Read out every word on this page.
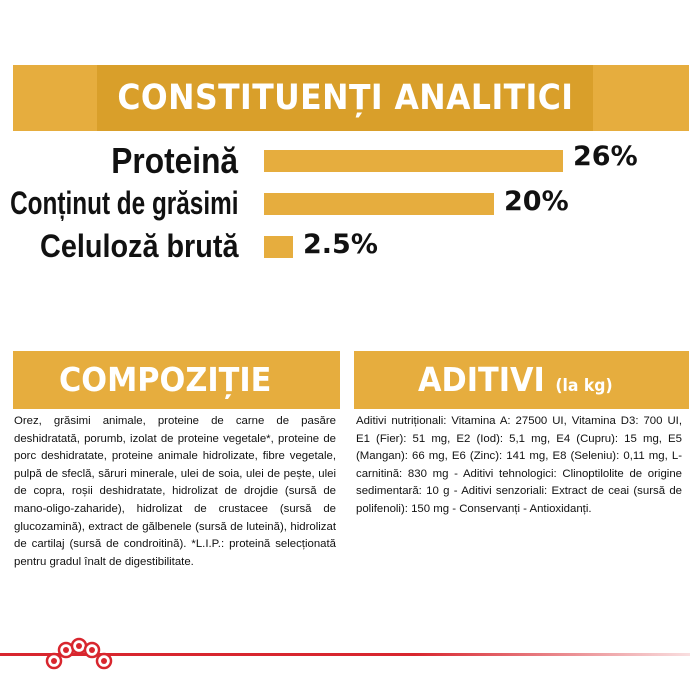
CONSTITUENȚI ANALITICI
Proteină	26%
Conținut de grăsimi	20%
Celuloză brută 2.5%
COMPOZIȚIE

Orez, grăsimi animale, proteine de carne de pasăre deshidratată, porumb, izolat de proteine vegetale*, proteine de porc deshidratate, proteine animale hidrolizate, fibre vegetale, pulpă de sfeclă, săruri minerale, ulei de soia, ulei de pește, ulei de copra, roșii deshidratate, hidrolizat de drojdie (sursă de mano-oligo-zaharide), hidrolizat de crustacee (sursă de glucozamină), extract de gălbenele (sursă de luteină), hidrolizat de cartilaj (sursă de condroitină). *L.I.P.: proteină selecționată pentru gradul înalt de digestibilitate.

ADITIVI (la kg)

Aditivi nutriționali: Vitamina A: 27500 UI, Vitamina D3: 700 UI, E1 (Fier): 51 mg, E2 (Iod): 5,1 mg, E4 (Cupru): 15 mg, E5 (Mangan): 66 mg, E6 (Zinc): 141 mg, E8 (Seleniu): 0,11 mg, L-carnitină: 830 mg - Aditivi tehnologici: Clinoptilolite de origine sedimentară: 10 g - Aditivi senzoriali: Extract de ceai (sursă de polifenoli): 150 mg - Conservanți - Antioxidanți.
